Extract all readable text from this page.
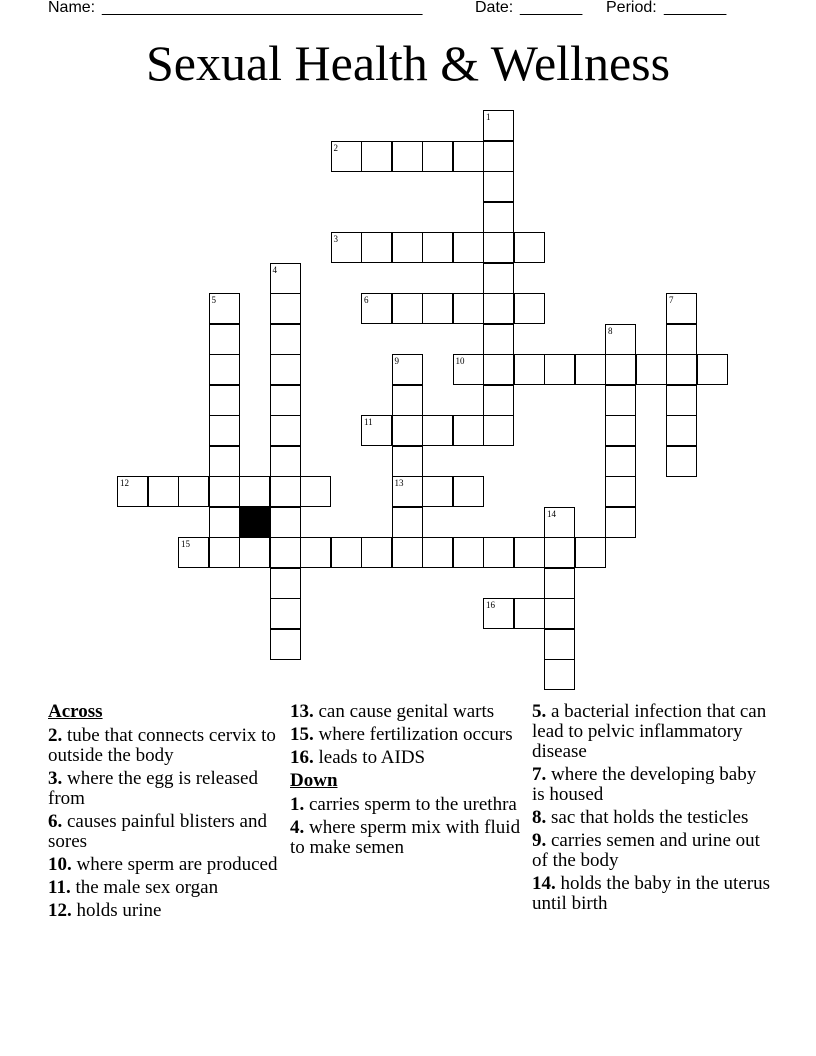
Name: ____________________________________	Date: _______ Period: _______
Sexual Health & Wellness
2
3
6
10
11
12	13
15
16
1
4
5	7
8
9
14
Across
2. tube that connects cervix to outside the body
3. where the egg is released from
6. causes painful blisters and sores
10. where sperm are produced
11. the male sex organ
12. holds urine
13. can cause genital warts
15. where fertilization occurs
16. leads to AIDS
Down
1. carries sperm to the urethra
4. where sperm mix with fluid to make semen
5. a bacterial infection that can lead to pelvic inflammatory disease
7. where the developing baby is housed
8. sac that holds the testicles
9. carries semen and urine out of the body
14. holds the baby in the uterus until birth
